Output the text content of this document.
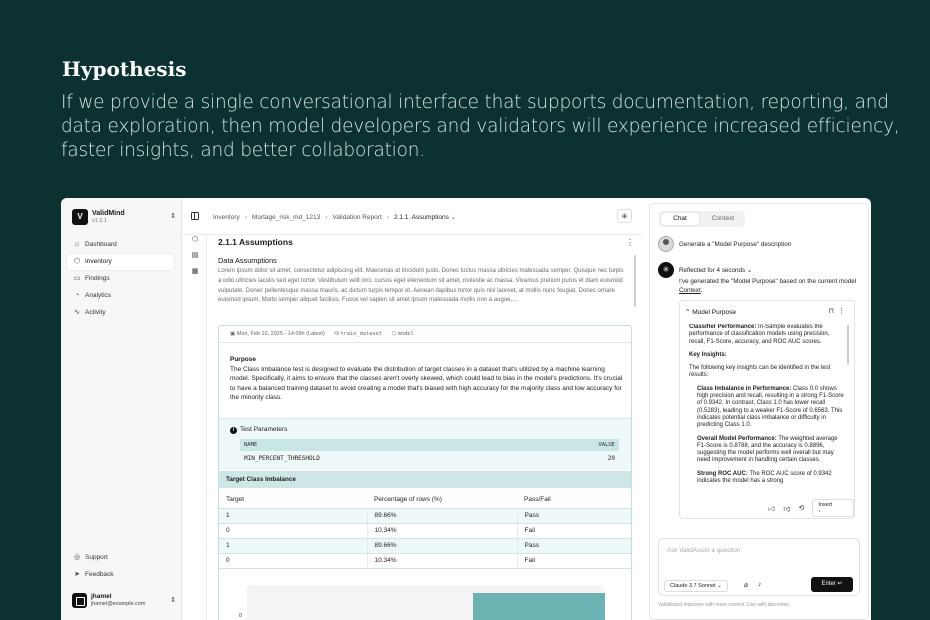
Hypothesis
If we provide a single conversational interface that supports documentation, reporting, and data exploration, then model developers and validators will experience increased efficiency, faster insights, and better collaboration.
V	ValidMind
v1.0.1
⇕
⌂ Dashboard
⬡ Inventory
▭ Findings
◔ Analytics
∿ Activity
◎ Support
➤ Feedback
jhamel
jhamel@example.com	⇕
Inventory › Mortage_risk_md_1213 › Validation Report › 2.1.1. Assumptions ⌄	✳
⬡
▤
▦
2.1.1 Assumptions	⋮
Data Assumptions
Lorem ipsum dolor sit amet, consectetur adipiscing elit. Maecenas at tincidunt justo. Donec luctus massa ultricies malesuada semper. Quisque nec turpis a odio ultricies iaculis sed eget tortor. Vestibulum velit orci, cursus eget elementum sit amet, molestie ac massa. Vivamus pretium purus et diam euismod vulputate. Donec pellentesque massa mauris, ac dictum turpis tempor et. Aenean dapibus tortor quis nisl laoreet, at mollis nunc feugiat. Donec ornare euismod ipsum. Morbi semper aliquet facilisis. Fusce vel sapien sit amet ipsum malesuada mollis non a augue....
▣ Mon, Feb 10, 2025 - 14:09h (Latest) ⛁ train_dataset ⬡ model
Purpose
The Class Imbalance test is designed to evaluate the distribution of target classes in a dataset that's utilized by a machine learning model. Specifically, it aims to ensure that the classes aren't overly skewed, which could lead to bias in the model's predictions. It's crucial to have a balanced training dataset to avoid creating a model that's biased with high accuracy for the majority class and low accuracy for the minority class.
i Test Parameters
NAME	VALUE
MIN_PERCENT_THRESHOLD	20
Target Class Imbalance
Target	Percentage of rows (%)	Pass/Fail
1	89.66%	Pass
0	10.34%	Fail
1	89.66%	Pass
0	10.34%	Fail
0
Chat	Context
Generate a "Model Purpose" description
✳	Reflected for 4 seconds ⌄
I've generated the "Model Purpose" based on the current model Context.
⌃ Model Purpose	⊓⋮

Classifier Performance: In-Sample evaluates the performance of classification models using precision, recall, F1-Score, accuracy, and ROC AUC scores.

Key Insights:

The following key insights can be identified in the test results:

• Class Imbalance in Performance: Class 0.0 shows high precision and recall, resulting in a strong F1-Score of 0.9342. In contrast, Class 1.0 has lower recall (0.5283), leading to a weaker F1-Score of 0.6563. This indicates potential class imbalance or difficulty in predicting Class 1.0.
• Overall Model Performance: The weighted average F1-Score is 0.8788, and the accuracy is 0.8896, suggesting the model performs well overall but may need improvement in handling certain classes.
• Strong ROC AUC: The ROC AUC score of 0.9342 indicates the model has a strong
👍︎ 👎︎ ⟲	Insert ↓
Ask ValidAssist a question
Claude 3.7 Sonnet ⌄	⌀ ♪	Enter ↵
ValidAssist improves with more context. Use with discretion.
